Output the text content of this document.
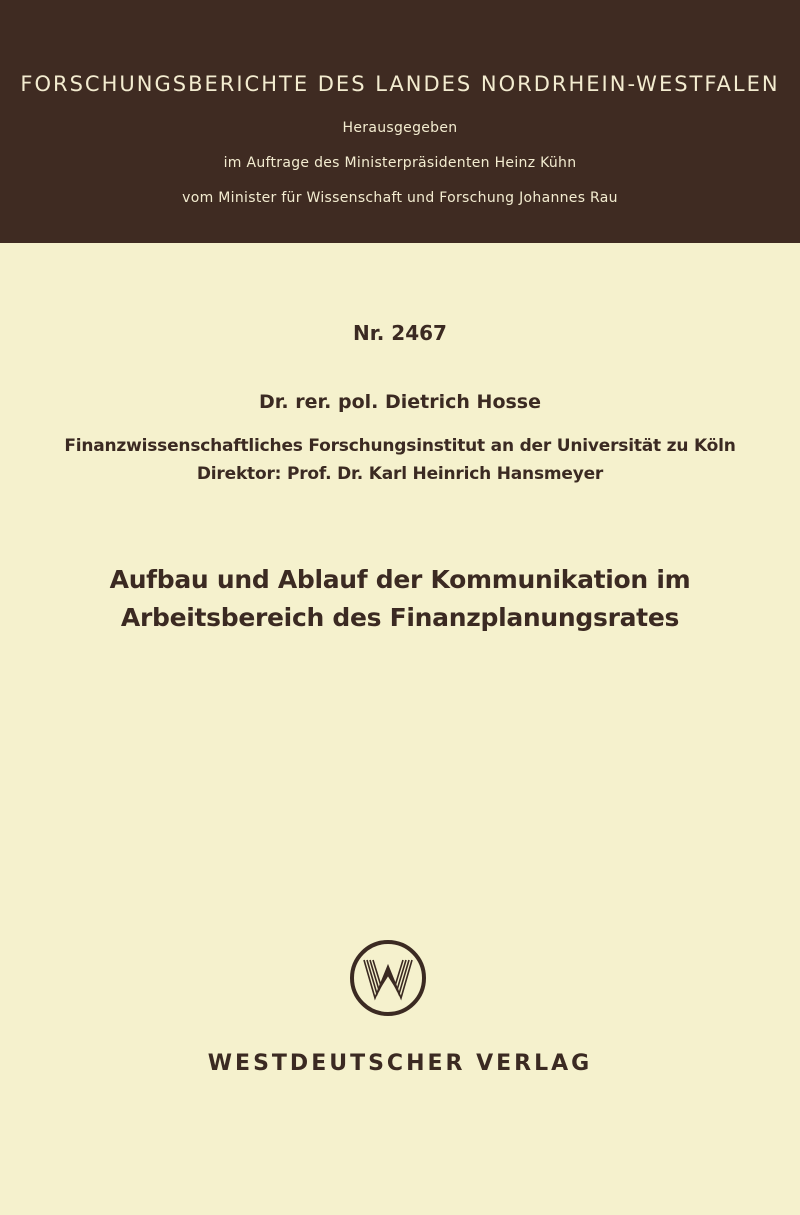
FORSCHUNGSBERICHTE DES LANDES NORDRHEIN-WESTFALEN
Herausgegeben
im Auftrage des Ministerpräsidenten Heinz Kühn
vom Minister für Wissenschaft und Forschung Johannes Rau
Nr. 2467
Dr. rer. pol. Dietrich Hosse
Finanzwissenschaftliches Forschungsinstitut an der Universität zu Köln
Direktor: Prof. Dr. Karl Heinrich Hansmeyer
Aufbau und Ablauf der Kommunikation im
Arbeitsbereich des Finanzplanungsrates
WESTDEUTSCHER VERLAG
